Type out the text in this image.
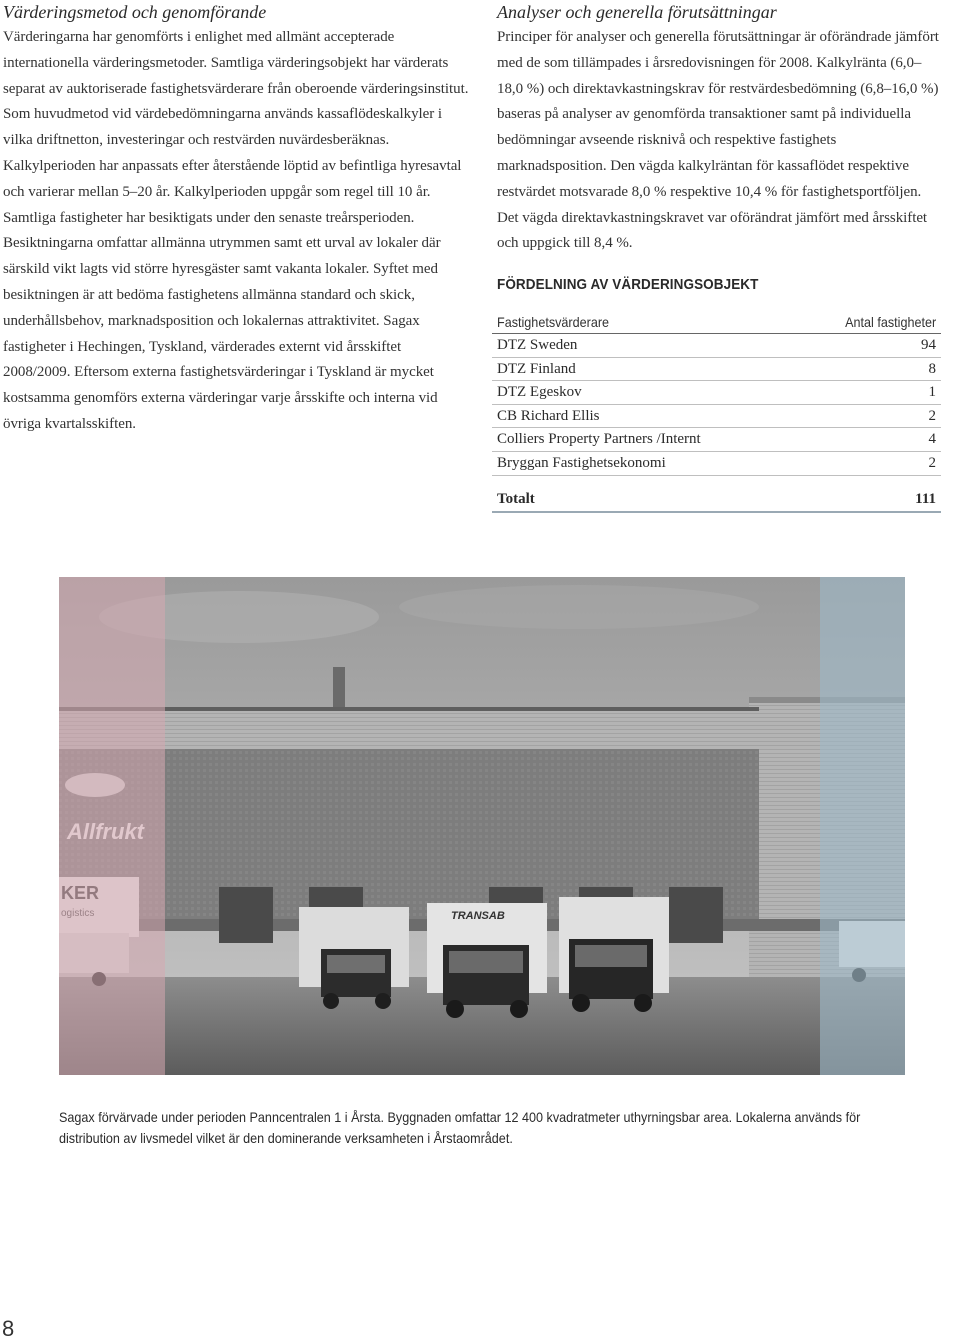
Värderingsmetod och genomförande

Värderingarna har genomförts i enlighet med allmänt accepterade internationella värderingsmetoder. Samtliga värderingsobjekt har värderats separat av auktoriserade fastighetsvärderare från oberoende värderingsinstitut. Som huvudmetod vid värdebedömningarna används kassaflödeskalkyler i vilka driftnetton, investeringar och restvärden nuvärdesberäknas. Kalkylperioden har anpassats efter återstående löptid av befintliga hyresavtal och varierar mellan 5–20 år. Kalkylperioden uppgår som regel till 10 år. Samtliga fastigheter har besiktigats under den senaste treårsperioden. Besiktningarna omfattar allmänna utrymmen samt ett urval av lokaler där särskild vikt lagts vid större hyresgäster samt vakanta lokaler. Syftet med besiktningen är att bedöma fastighetens allmänna standard och skick, underhållsbehov, marknadsposition och lokalernas attraktivitet. Sagax fastigheter i Hechingen, Tyskland, värderades externt vid årsskiftet 2008/2009. Eftersom externa fastighetsvärderingar i Tyskland är mycket kostsamma genomförs externa värderingar varje årsskifte och interna vid övriga kvartalsskiften.

Analyser och generella förutsättningar

Principer för analyser och generella förutsättningar är oförändrade jämfört med de som tillämpades i årsredovisningen för 2008. Kalkylränta (6,0–18,0 %) och direktavkastningskrav för restvärdesbedömning (6,8–16,0 %) baseras på analyser av genomförda transaktioner samt på individuella bedömningar avseende risknivå och respektive fastighets marknadsposition. Den vägda kalkylräntan för kassaflödet respektive restvärdet motsvarade 8,0 % respektive 10,4 % för fastighetsportföljen. Det vägda direktavkastningskravet var oförändrat jämfört med årsskiftet och uppgick till 8,4 %.

FÖRDELNING AV VÄRDERINGSOBJEKT
Fastighetsvärderare	Antal fastigheter
DTZ Sweden	94
DTZ Finland	8
DTZ Egeskov	1
CB Richard Ellis	2
Colliers Property Partners /Internt	4
Bryggan Fastighetsekonomi	2
Totalt	111
TRANSAB

Sagax förvärvade under perioden Panncentralen 1 i Årsta. Byggnaden omfattar 12 400 kvadratmeter uthyrningsbar area. Lokalerna används för distribution av livsmedel vilket är den dominerande verksamheten i Årstaområdet.

8
